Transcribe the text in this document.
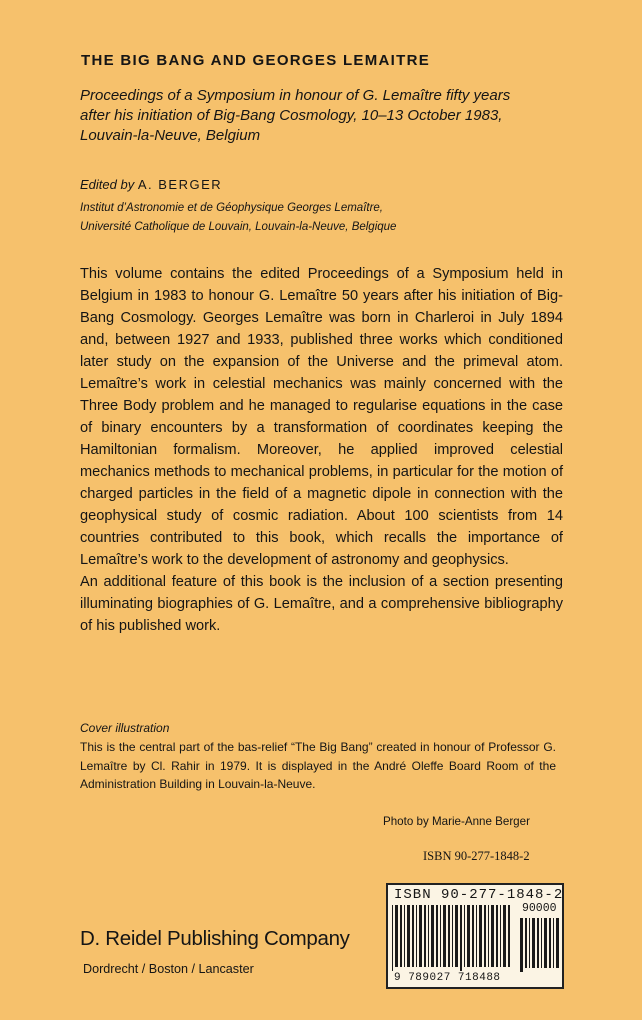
THE BIG BANG AND GEORGES LEMAITRE
Proceedings of a Symposium in honour of G. Lemaître fifty years
after his initiation of Big-Bang Cosmology, 10–13 October 1983,
Louvain-la-Neuve, Belgium
Edited by A. BERGER
Institut d’Astronomie et de Géophysique Georges Lemaître,
Université Catholique de Louvain, Louvain-la-Neuve, Belgique

This volume contains the edited Proceedings of a Symposium held in Belgium in 1983 to honour G. Lemaître 50 years after his initiation of Big-Bang Cosmology. Georges Lemaître was born in Charleroi in July 1894 and, between 1927 and 1933, published three works which conditioned later study on the expansion of the Universe and the primeval atom. Lemaître’s work in celestial mechanics was mainly concerned with the Three Body problem and he managed to regularise equations in the case of binary encounters by a transformation of coordinates keeping the Hamiltonian formalism. Moreover, he applied improved celestial mechanics methods to mechanical problems, in particular for the motion of charged particles in the field of a magnetic dipole in connection with the geophysical study of cosmic radiation. About 100 scientists from 14 countries contributed to this book, which recalls the importance of Lemaître’s work to the development of astronomy and geophysics.

An additional feature of this book is the inclusion of a section presenting illuminating biographies of G. Lemaître, and a comprehensive bibliography of his published work.

Cover illustration
This is the central part of the bas-relief “The Big Bang” created in honour of Professor G. Lemaître by Cl. Rahir in 1979. It is displayed in the André Oleffe Board Room of the Administration Building in Louvain-la-Neuve.
Photo by Marie-Anne Berger
ISBN 90-277-1848-2
ISBN 90-277-1848-2
90000
9 789027 718488
D. Reidel Publishing Company
Dordrecht / Boston / Lancaster
